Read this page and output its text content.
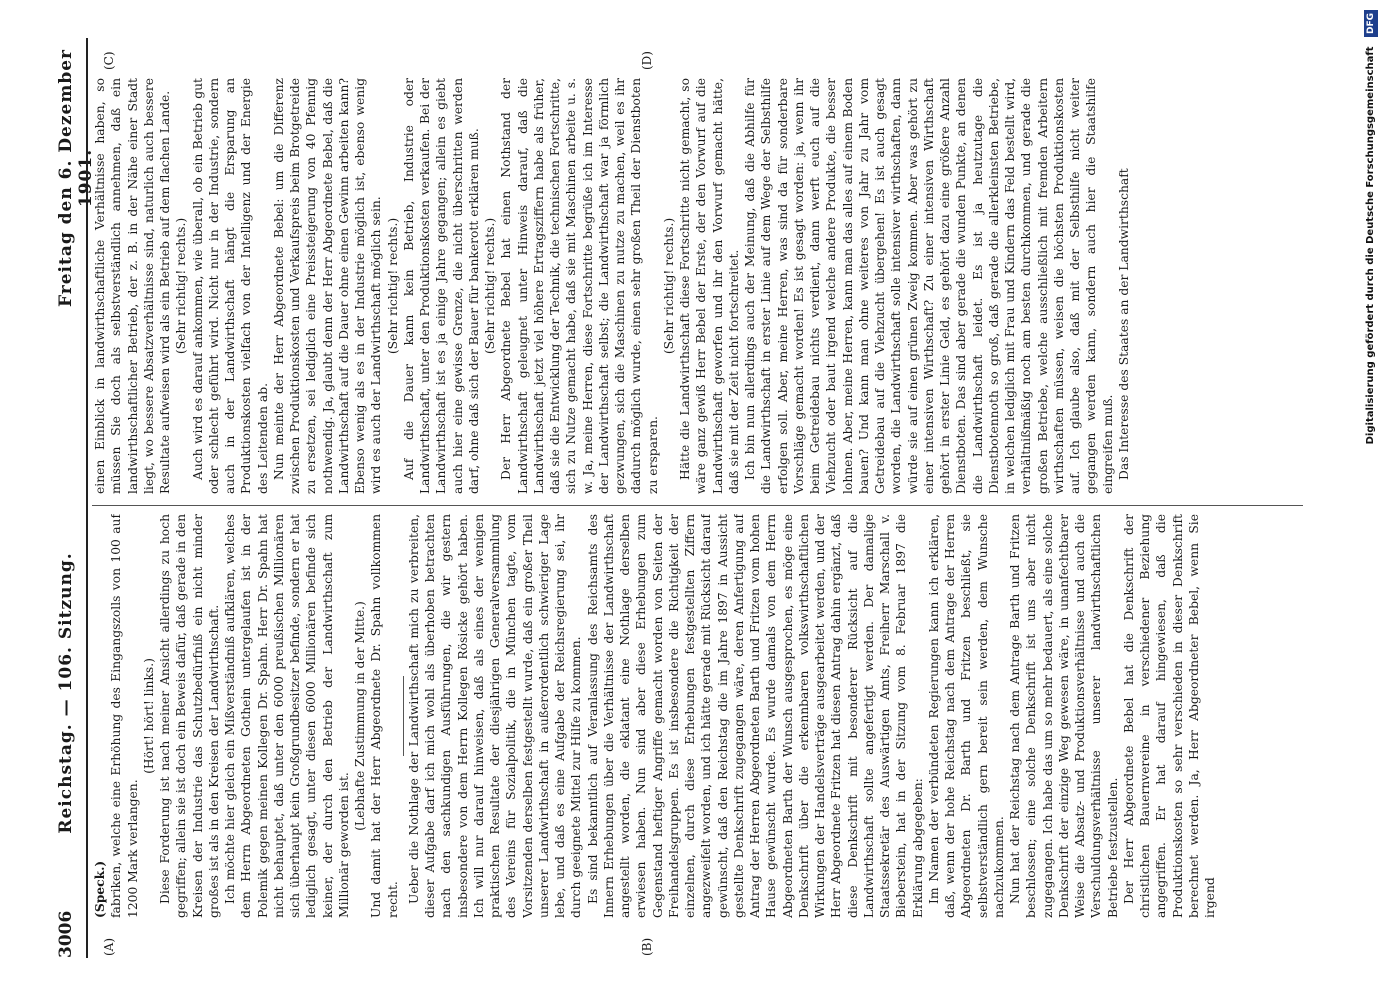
3006
Reichstag. — 106. Sitzung.
Freitag den 6. Dezember 1901.
(A)	(B)
(C)	(D)

(Speck.) fabriken, welche eine Erhöhung des Eingangszolls von 100 auf 1200 Mark verlangen.

(Hört! hört! links.) Diese Forderung ist nach meiner Ansicht allerdings zu hoch gegriffen; allein sie ist doch ein Beweis dafür, daß gerade in den Kreisen der Industrie das Schutzbedürfniß ein nicht minder großes ist als in den Kreisen der Landwirthschaft. Ich möchte hier gleich ein Mißverständniß aufklären, welches dem Herrn Abgeordneten Gothein untergelaufen ist in der Polemik gegen meinen Kollegen Dr. Spahn. Herr Dr. Spahn hat nicht behauptet, daß unter den 6000 preußischen Millionären sich überhaupt kein Großgrundbesitzer befinde, sondern er hat lediglich gesagt, unter diesen 6000 Millionären befinde sich keiner, der durch den Betrieb der Landwirthschaft zum Millionär geworden ist.

(Lebhafte Zustimmung in der Mitte.) Und damit hat der Herr Abgeordnete Dr. Spahn vollkommen recht. Ueber die Nothlage der Landwirthschaft mich zu verbreiten, dieser Aufgabe darf ich mich wohl als überhoben betrachten nach den sachkundigen Ausführungen, die wir gestern insbesondere von dem Herrn Kollegen Rösicke gehört haben. Ich will nur darauf hinweisen, daß als eines der wenigen praktischen Resultate der diesjährigen Generalversammlung des Vereins für Sozialpolitik, die in München tagte, vom Vorsitzenden derselben festgestellt wurde, daß ein großer Theil unserer Landwirthschaft in außerordentlich schwieriger Lage lebe, und daß es eine Aufgabe der Reichsregierung sei, ihr durch geeignete Mittel zur Hilfe zu kommen. Es sind bekanntlich auf Veranlassung des Reichsamts des Innern Erhebungen über die Verhältnisse der Landwirthschaft angestellt worden, die eklatant eine Nothlage derselben erwiesen haben. Nun sind aber diese Erhebungen zum Gegenstand heftiger Angriffe gemacht worden von Seiten der Freihandelsgruppen. Es ist insbesondere die Richtigkeit der einzelnen, durch diese Erhebungen festgestellten Ziffern angezweifelt worden, und ich hätte gerade mit Rücksicht darauf gewünscht, daß den Reichstag die im Jahre 1897 in Aussicht gestellte Denkschrift zugegangen wäre, deren Anfertigung auf Antrag der Herren Abgeordneten Barth und Fritzen vom hohen Hause gewünscht wurde. Es wurde damals von dem Herrn Abgeordneten Barth der Wunsch ausgesprochen, es möge eine Denkschrift über die erkennbaren volkswirthschaftlichen Wirkungen der Handelsverträge ausgearbeitet werden, und der Herr Abgeordnete Fritzen hat diesen Antrag dahin ergänzt, daß diese Denkschrift mit besonderer Rücksicht auf die Landwirthschaft sollte angefertigt werden. Der damalige Staatssekretär des Auswärtigen Amts, Freiherr Marschall v. Bieberstein, hat in der Sitzung vom 8. Februar 1897 die Erklärung abgegeben: Im Namen der verbündeten Regierungen kann ich erklären, daß, wenn der hohe Reichstag nach dem Antrage der Herren Abgeordneten Dr. Barth und Fritzen beschließt, sie selbstverständlich gern bereit sein werden, dem Wunsche nachzukommen. Nun hat der Reichstag nach dem Antrage Barth und Fritzen beschlossen; eine solche Denkschrift ist uns aber nicht zugegangen. Ich habe das um so mehr bedauert, als eine solche Denkschrift der einzige Weg gewesen wäre, in unanfechtbarer Weise die Absatz- und Produktionsverhältnisse und auch die Verschuldungsverhältnisse unserer landwirthschaftlichen Betriebe festzustellen. Der Herr Abgeordnete Bebel hat die Denkschrift der christlichen Bauernvereine in verschiedener Beziehung angegriffen. Er hat darauf hingewiesen, daß die Produktionskosten so sehr verschieden in dieser Denkschrift berechnet werden. Ja, Herr Abgeordneter Bebel, wenn Sie irgend

einen Einblick in landwirthschaftliche Verhältnisse haben, so müssen Sie doch als selbstverständlich annehmen, daß ein landwirthschaftlicher Betrieb, der z. B. in der Nähe einer Stadt liegt, wo bessere Absatzverhältnisse sind, naturlich auch bessere Resultate aufweisen wird als ein Betrieb auf dem flachen Lande. (Sehr richtig! rechts.) Auch wird es darauf ankommen, wie überall, ob ein Betrieb gut oder schlecht geführt wird. Nicht nur in der Industrie, sondern auch in der Landwirthschaft hängt die Ersparung an Produktionskosten vielfach von der Intelligenz und der Energie des Leitenden ab. Nun meinte der Herr Abgeordnete Bebel: um die Differenz zwischen Produktionskosten und Verkaufspreis beim Brotgetreide zu ersetzen, sei lediglich eine Preissteigerung von 40 Pfennig nothwendig. Ja, glaubt denn der Herr Abgeordnete Bebel, daß die Landwirthschaft auf die Dauer ohne einen Gewinn arbeiten kann? Ebenso wenig als es in der Industrie möglich ist, ebenso wenig wird es auch der Landwirthschaft möglich sein. (Sehr richtig! rechts.) Auf die Dauer kann kein Betrieb, Industrie oder Landwirthschaft, unter den Produktionskosten verkaufen. Bei der Landwirthschaft ist es ja einige Jahre gegangen; allein es giebt auch hier eine gewisse Grenze, die nicht überschritten werden darf, ohne daß sich der Bauer für bankerott erklären muß. (Sehr richtig! rechts.) Der Herr Abgeordnete Bebel hat einen Nothstand der Landwirthschaft geleugnet unter Hinweis darauf, daß die Landwirthschaft jetzt viel höhere Ertragsziffern habe als früher, daß sie die Entwicklung der Technik, die technischen Fortschritte, sich zu Nutze gemacht habe, daß sie mit Maschinen arbeite u. s. w. Ja, meine Herren, diese Fortschritte begrüße ich im Interesse der Landwirthschaft selbst; die Landwirthschaft war ja förmlich gezwungen, sich die Maschinen zu nutze zu machen, weil es ihr dadurch möglich wurde, einen sehr großen Theil der Dienstboten zu ersparen.

(Sehr richtig! rechts.) Hätte die Landwirthschaft diese Fortschritte nicht gemacht, so wäre ganz gewiß Herr Bebel der Erste, der den Vorwurf auf die Landwirthschaft geworfen und ihr den Vorwurf gemacht hätte, daß sie mit der Zeit nicht fortschreitet. Ich bin nun allerdings auch der Meinung, daß die Abhilfe für die Landwirthschaft in erster Linie auf dem Wege der Selbsthilfe erfolgen soll. Aber, meine Herren, was sind da für sonderbare Vorschläge gemacht worden! Es ist gesagt worden: ja, wenn ihr beim Getreidebau nichts verdient, dann werft euch auf die Viehzucht oder baut irgend welche andere Produkte, die besser lohnen. Aber, meine Herren, kann man das alles auf einem Boden bauen? Und kann man ohne weiteres von Jahr zu Jahr vom Getreidebau auf die Viehzucht übergehen! Es ist auch gesagt worden, die Landwirthschaft solle intensiver wirthschaften, dann würde sie auf einen grünen Zweig kommen. Aber was gehört zu einer intensiven Wirthschaft? Zu einer intensiven Wirthschaft gehört in erster Linie Geld, es gehört dazu eine größere Anzahl Dienstboten. Das sind aber gerade die wunden Punkte, an denen die Landwirthschaft leidet. Es ist ja heutzutage die Dienstbotennoth so groß, daß gerade die allerkleinsten Betriebe, in welchen lediglich mit Frau und Kindern das Feld bestellt wird, verhältnißmäßig noch am besten durchkommen, und gerade die großen Betriebe, welche ausschließlich mit fremden Arbeitern wirthschaften müssen, weisen die höchsten Produktionskosten auf. Ich glaube also, daß mit der Selbsthilfe nicht weiter gegangen werden kann, sondern auch hier die Staatshilfe eingreifen muß. Das Interesse des Staates an der Landwirthschaft	Digitalisierung gefördert durch die Deutsche Forschungsgemeinschaft DFG
